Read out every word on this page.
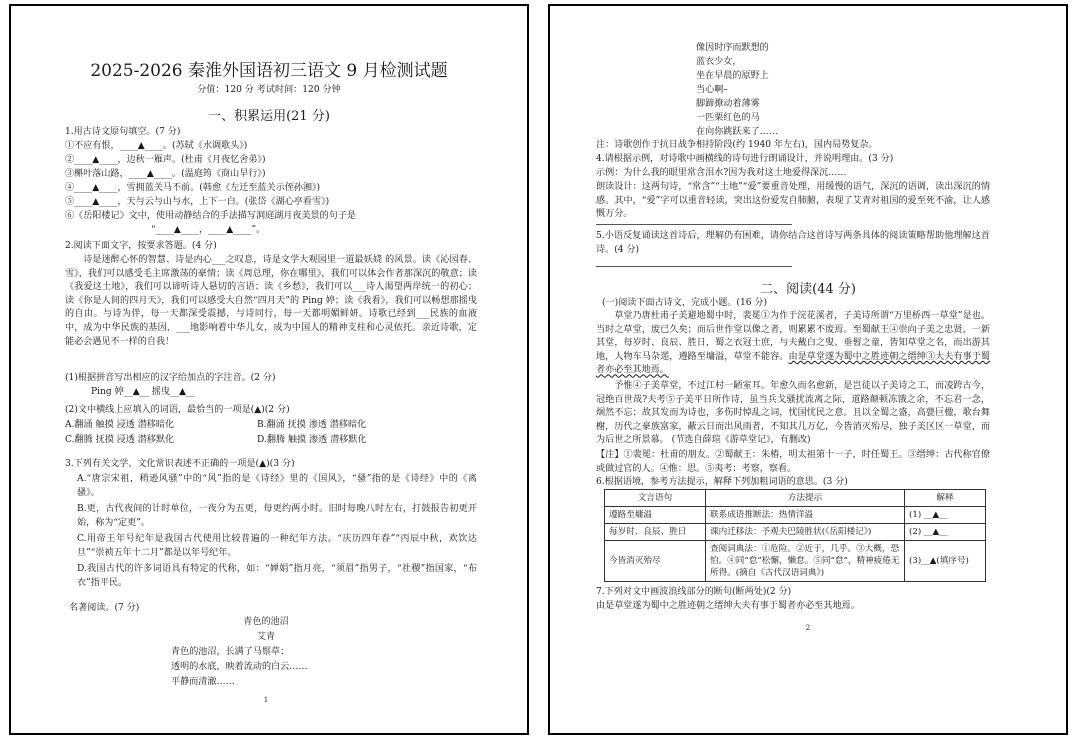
2025-2026 秦淮外国语初三语文 9 月检测试题
分值：120 分 考试时间：120 分钟
一、积累运用(21 分)
1.用古诗文原句填空。(7 分)
①不应有恨，____▲____。(苏轼《水调歌头》)
②____▲____，边秋一雁声。(杜甫《月夜忆舍弟》)
③槲叶落山路，____▲____。(温庭筠《商山早行》)
④____▲____，雪拥蓝关马不前。(韩愈《左迁至蓝关示侄孙湘》)
⑤____▲____，天与云与山与水，上下一白。(张岱《湖心亭看雪》)
⑥《岳阳楼记》文中，使用动静结合的手法描写洞庭湖月夜美景的句子是
“____▲____，____▲____”。
2.阅读下面文字，按要求答题。(4 分)
诗是迷醉心怀的智慧、诗是内心___之叹息，诗是文学大观园里一道最妖娆 的风景。读《沁园春、雪》，我们可以感受毛主席激荡的豪情；读《周总理，你在哪里》，我们可以体会作者那深沉的敬意；读《我爱这土地》，我们可以谛听诗人悬切的言语；读《乡愁》，我们可以___诗人渴望两岸统一的初心；读《你是人间的四月天》，我们可以感受大自然“四月天”的 Ping 婷；读《我看》，我们可以畅想那摇曳的自由。与诗为伴，每一天都深受震撼，与诗同行，每一天都明媚鲜妍。诗歌已经到___民族的血液中，成为中华民族的基因，___地影响着中华儿女，成为中国人的精神支柱和心灵依托。亲近诗歌，定能必会遇见不一样的自我！
(1)根据拼音写出相应的汉字给加点的字注音。(2 分)
Ping 婷__▲__ 摇曳__▲__
(2)文中横线上应填入的词语，最恰当的一项是(▲)(2 分)
A.翻涌 触摸 浸透 潜移暗化	B.翻涌 抚摸 渗透 潜移暗化
C.翻腾 抚摸 浸透 潜移默化	D.翻腾 触摸 渗透 潜移默化
3.下列有关文学、文化常识表述不正确的一项是(▲)(3 分)
A.“唐宗宋祖，稍逊风骚”中的“风”指的是《诗经》里的《国风》，“骚”指的是《诗经》中的《离骚》。
B.更，古代夜间的计时单位，一夜分为五更，每更约两小时。旧时每晚八时左右，打鼓报告初更开始，称为“定更”。
C.用帝王年号纪年是我国古代使用比较普遍的一种纪年方法。“庆历四年春”“丙辰中秋，欢饮达旦”“崇祯五年十二月”都是以年号纪年。
D.我国古代的许多词语具有特定的代称，如：“婵娟”指月亮，“须眉”指男子，“社稷”指国家，“布衣”指平民。
名著阅读。(7 分)
青色的池沼
艾青
青色的池沼，长满了马鬃草；
透明的水底，映着流动的白云……
平静而清澈……
1
像因时序而默想的
蓝衣少女，
坐在早晨的原野上
当心啊–
脚蹄撩动着薄雾
一匹栗红色的马
在向你跳跃来了……
注：诗歌创作于抗日战争相持阶段(约 1940 年左右)，国内局势复杂。
4.请根据示例，对诗歌中画横线的诗句进行朗诵设计，并说明理由。(3 分)
示例：为什么我的眼里常含泪水?因为我对这土地爱得深沉……
朗读设计：这两句诗，“常含”“土地”“爱”要重音处理，用缓慢的语气，深沉的语调，读出深沉的情感。其中，“爱”字可以重音轻读，突出这份爱发自肺腑，表现了艾青对祖国的爱至死不渝，让人感慨万分。
5.小语反复诵读这首诗后，理解仍有困难，请你结合这首诗写两条具体的阅读策略帮助他理解这首诗。(4 分)
二、阅读(44 分)
(一)阅读下面古诗文，完成小题。(16 分)
草堂乃唐杜甫子美避地蜀中时，裴冕①为作于浣花溪者，子美诗所谓“万里桥西一草堂”是也。当时之草堂，废已久矣；而后世作堂以像之者，则累累不废焉。至蜀献王④崇向子美之忠贤，一新其堂，每岁时、良辰、胜日，蜀之衣冠士庶，与夫戴白之叟、垂髫之童，皆知草堂之名，而出游其地，人物车马杂遝，遵路至墉溢，草堂不能容。由是草堂遂为蜀中之胜迹朝之缙绅③大夫有事于蜀者亦必至其地焉。
予惟④子美草堂，不过江村一陋室耳。年愈久而名愈新，是岂徒以子美诗之工，而凌跨古今，冠绝百世哉?夫考⑤子美平日所作诗，虽当兵戈骚扰流离之际，道路颠顿冻饿之余，不忘君一念，炯然不忘；故其发而为诗也，多伤时悼乱之词，忧国忧民之意。且以全蜀之盛，高甍巨楹，歌台舞榭，历代之豪族富家，蔽云日而出风雨者，不知其几万亿，今皆消灭殆尽，独子美区区一草堂，而为后世之所景慕。 (节选自薛瑄《游草堂记》，有删改)
【注】①裴冕：杜甫的朋友。②蜀献王：朱椿，明太祖第十一子，时任蜀王。③缙绅：古代称官僚或做过官的人。④惟：思。⑤夷考：考察，察看。
6.根据语境，参考方法提示，解释下列加粗词语的意思。(3 分)
文言语句	方法提示	解释
遵路至墉溢	联系成语推断法：热情洋溢	(1) __▲__
每岁时、良辰、胜日	课内迁移法：予观夫巴陵胜状(《岳阳楼记》)	(2) __▲__
今皆消灭殆尽	查阅词典法：①危险。②近于，几乎。③大概，恐怕。④同“怠”松懈，懒怠。⑤同“怠”，精神疲倦无所得。(摘自《古代汉语词典》)	(3)__▲(填序号)
7.下列对文中画波浪线部分的断句(断两处)(2 分)
由是草堂遂为蜀中之胜迹朝之缙绅大夫有事于蜀者亦必至其地焉。
2
